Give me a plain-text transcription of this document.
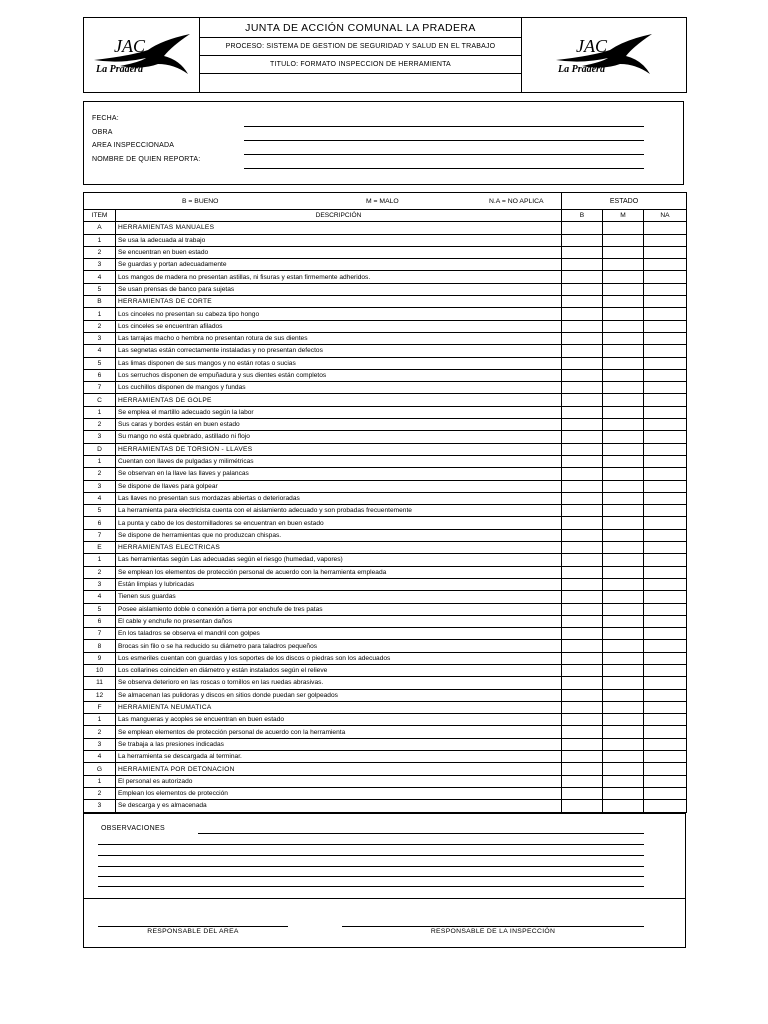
JAC
La Pradera
	JUNTA DE ACCIÓN COMUNAL LA PRADERA	
JAC
La Pradera

PROCESO: SISTEMA DE GESTION DE SEGURIDAD Y SALUD EN EL TRABAJO
TITULO: FORMATO INSPECCION DE HERRAMIENTA

FECHA:
OBRA
AREA INSPECCIONADA
NOMBRE DE QUIEN REPORTA:
B = BUENO M = MALO N.A = NO APLICA		ESTADO		
ITEM	DESCRIPCIÓN	B	M	NA
A	HERRAMIENTAS MANUALES			
1	Se usa la adecuada al trabajo			
2	Se encuentran en buen estado			
3	Se guardas y portan adecuadamente			
4	Los mangos de madera no presentan astillas, ni fisuras y estan firmemente adheridos.			
5	Se usan prensas de banco para sujetas			
B	HERRAMIENTAS DE CORTE			
1	Los cinceles no presentan su cabeza tipo hongo			
2	Los cinceles se encuentran afilados			
3	Las tarrajas macho o hembra no presentan rotura de sus dientes			
4	Las segnetas están correctamente instaladas y no presentan defectos			
5	Las limas disponen de sus mangos y no están rotas o sucias			
6	Los serruchos disponen de empuñadura y sus dientes están completos			
7	Los cuchillos disponen de mangos y fundas			
C	HERRAMIENTAS DE GOLPE			
1	Se emplea el martillo adecuado según la labor			
2	Sus caras y bordes están en buen estado			
3	Su mango no está quebrado, astillado ni flojo			
D	HERRAMIENTAS DE TORSION - LLAVES			
1	Cuentan con llaves de pulgadas y milimétricas			
2	Se observan en la llave las llaves y palancas			
3	Se dispone de llaves para golpear			
4	Las llaves no presentan sus mordazas abiertas o deterioradas			
5	La herramienta para electricista cuenta con el aislamiento adecuado y son probadas frecuentemente			
6	La punta y cabo de los destornilladores se encuentran en buen estado			
7	Se dispone de herramientas que no produzcan chispas.			
E	HERRAMIENTAS ELECTRICAS			
1	Las herramientas según Las adecuadas según el riesgo (humedad, vapores)			
2	Se emplean los elementos de protección personal de acuerdo con la herramienta empleada			
3	Están limpias y lubricadas			
4	Tienen sus guardas			
5	Posee aislamiento doble o conexión a tierra por enchufe de tres patas			
6	El cable y enchufe no presentan daños			
7	En los taladros se observa el mandril con golpes			
8	Brocas sin filo o se ha reducido su diámetro para taladros pequeños			
9	Los esmeriles cuentan con guardas y los soportes de los discos o piedras son los adecuados			
10	Los collarines coinciden en diámetro y están instalados según el relieve			
11	Se observa deterioro en las roscas o tornillos en las ruedas abrasivas.			
12	Se almacenan las pulidoras y discos en sitios donde puedan ser golpeados			
F	HERRAMIENTA NEUMATICA			
1	Las mangueras y acoples se encuentran en buen estado			
2	Se emplean elementos de protección personal de acuerdo con la herramienta			
3	Se trabaja a las presiones indicadas			
4	La herramienta se descargada al terminar.			
G	HERRAMIENTA POR DETONACION			
1	El personal es autorizado			
2	Emplean los elementos de protección			
3	Se descarga y es almacenada			
OBSERVACIONES
RESPONSABLE DEL AREA	RESPONSABLE DE LA INSPECCIÓN
